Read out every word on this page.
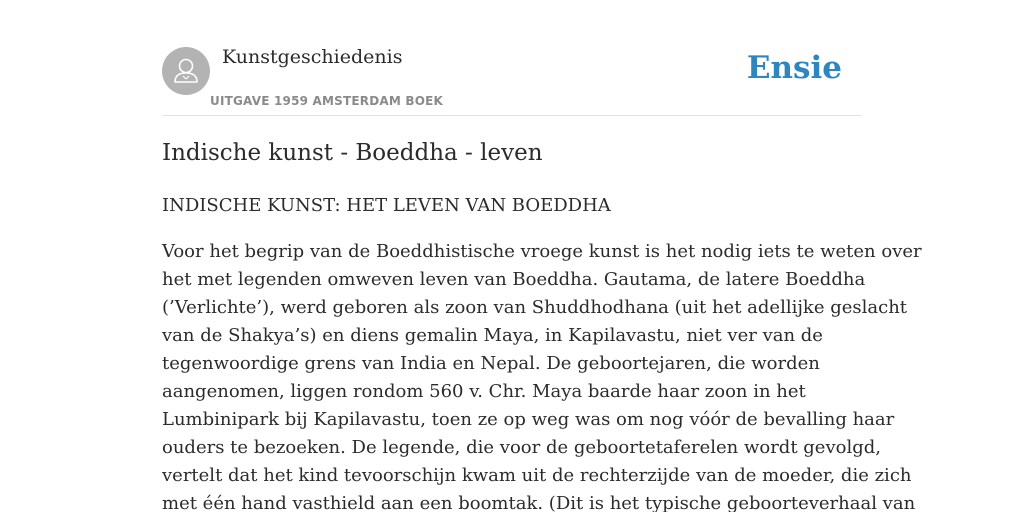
Kunstgeschiedenis
UITGAVE 1959 AMSTERDAM BOEK
Ensie
Indische kunst - Boeddha - leven

INDISCHE KUNST: HET LEVEN VAN BOEDDHA

Voor het begrip van de Boeddhistische vroege kunst is het nodig iets te weten over
het met legenden omweven leven van Boeddha. Gautama, de latere Boeddha
(’Verlichte’), werd geboren als zoon van Shuddhodhana (uit het adellijke geslacht
van de Shakya’s) en diens gemalin Maya, in Kapilavastu, niet ver van de
tegenwoordige grens van India en Nepal. De geboortejaren, die worden
aangenomen, liggen rondom 560 v. Chr. Maya baarde haar zoon in het
Lumbinipark bij Kapilavastu, toen ze op weg was om nog vóór de bevalling haar
ouders te bezoeken. De legende, die voor de geboortetaferelen wordt gevolgd,
vertelt dat het kind tevoorschijn kwam uit de rechterzijde van de moeder, die zich
met één hand vasthield aan een boomtak. (Dit is het typische geboorteverhaal van
